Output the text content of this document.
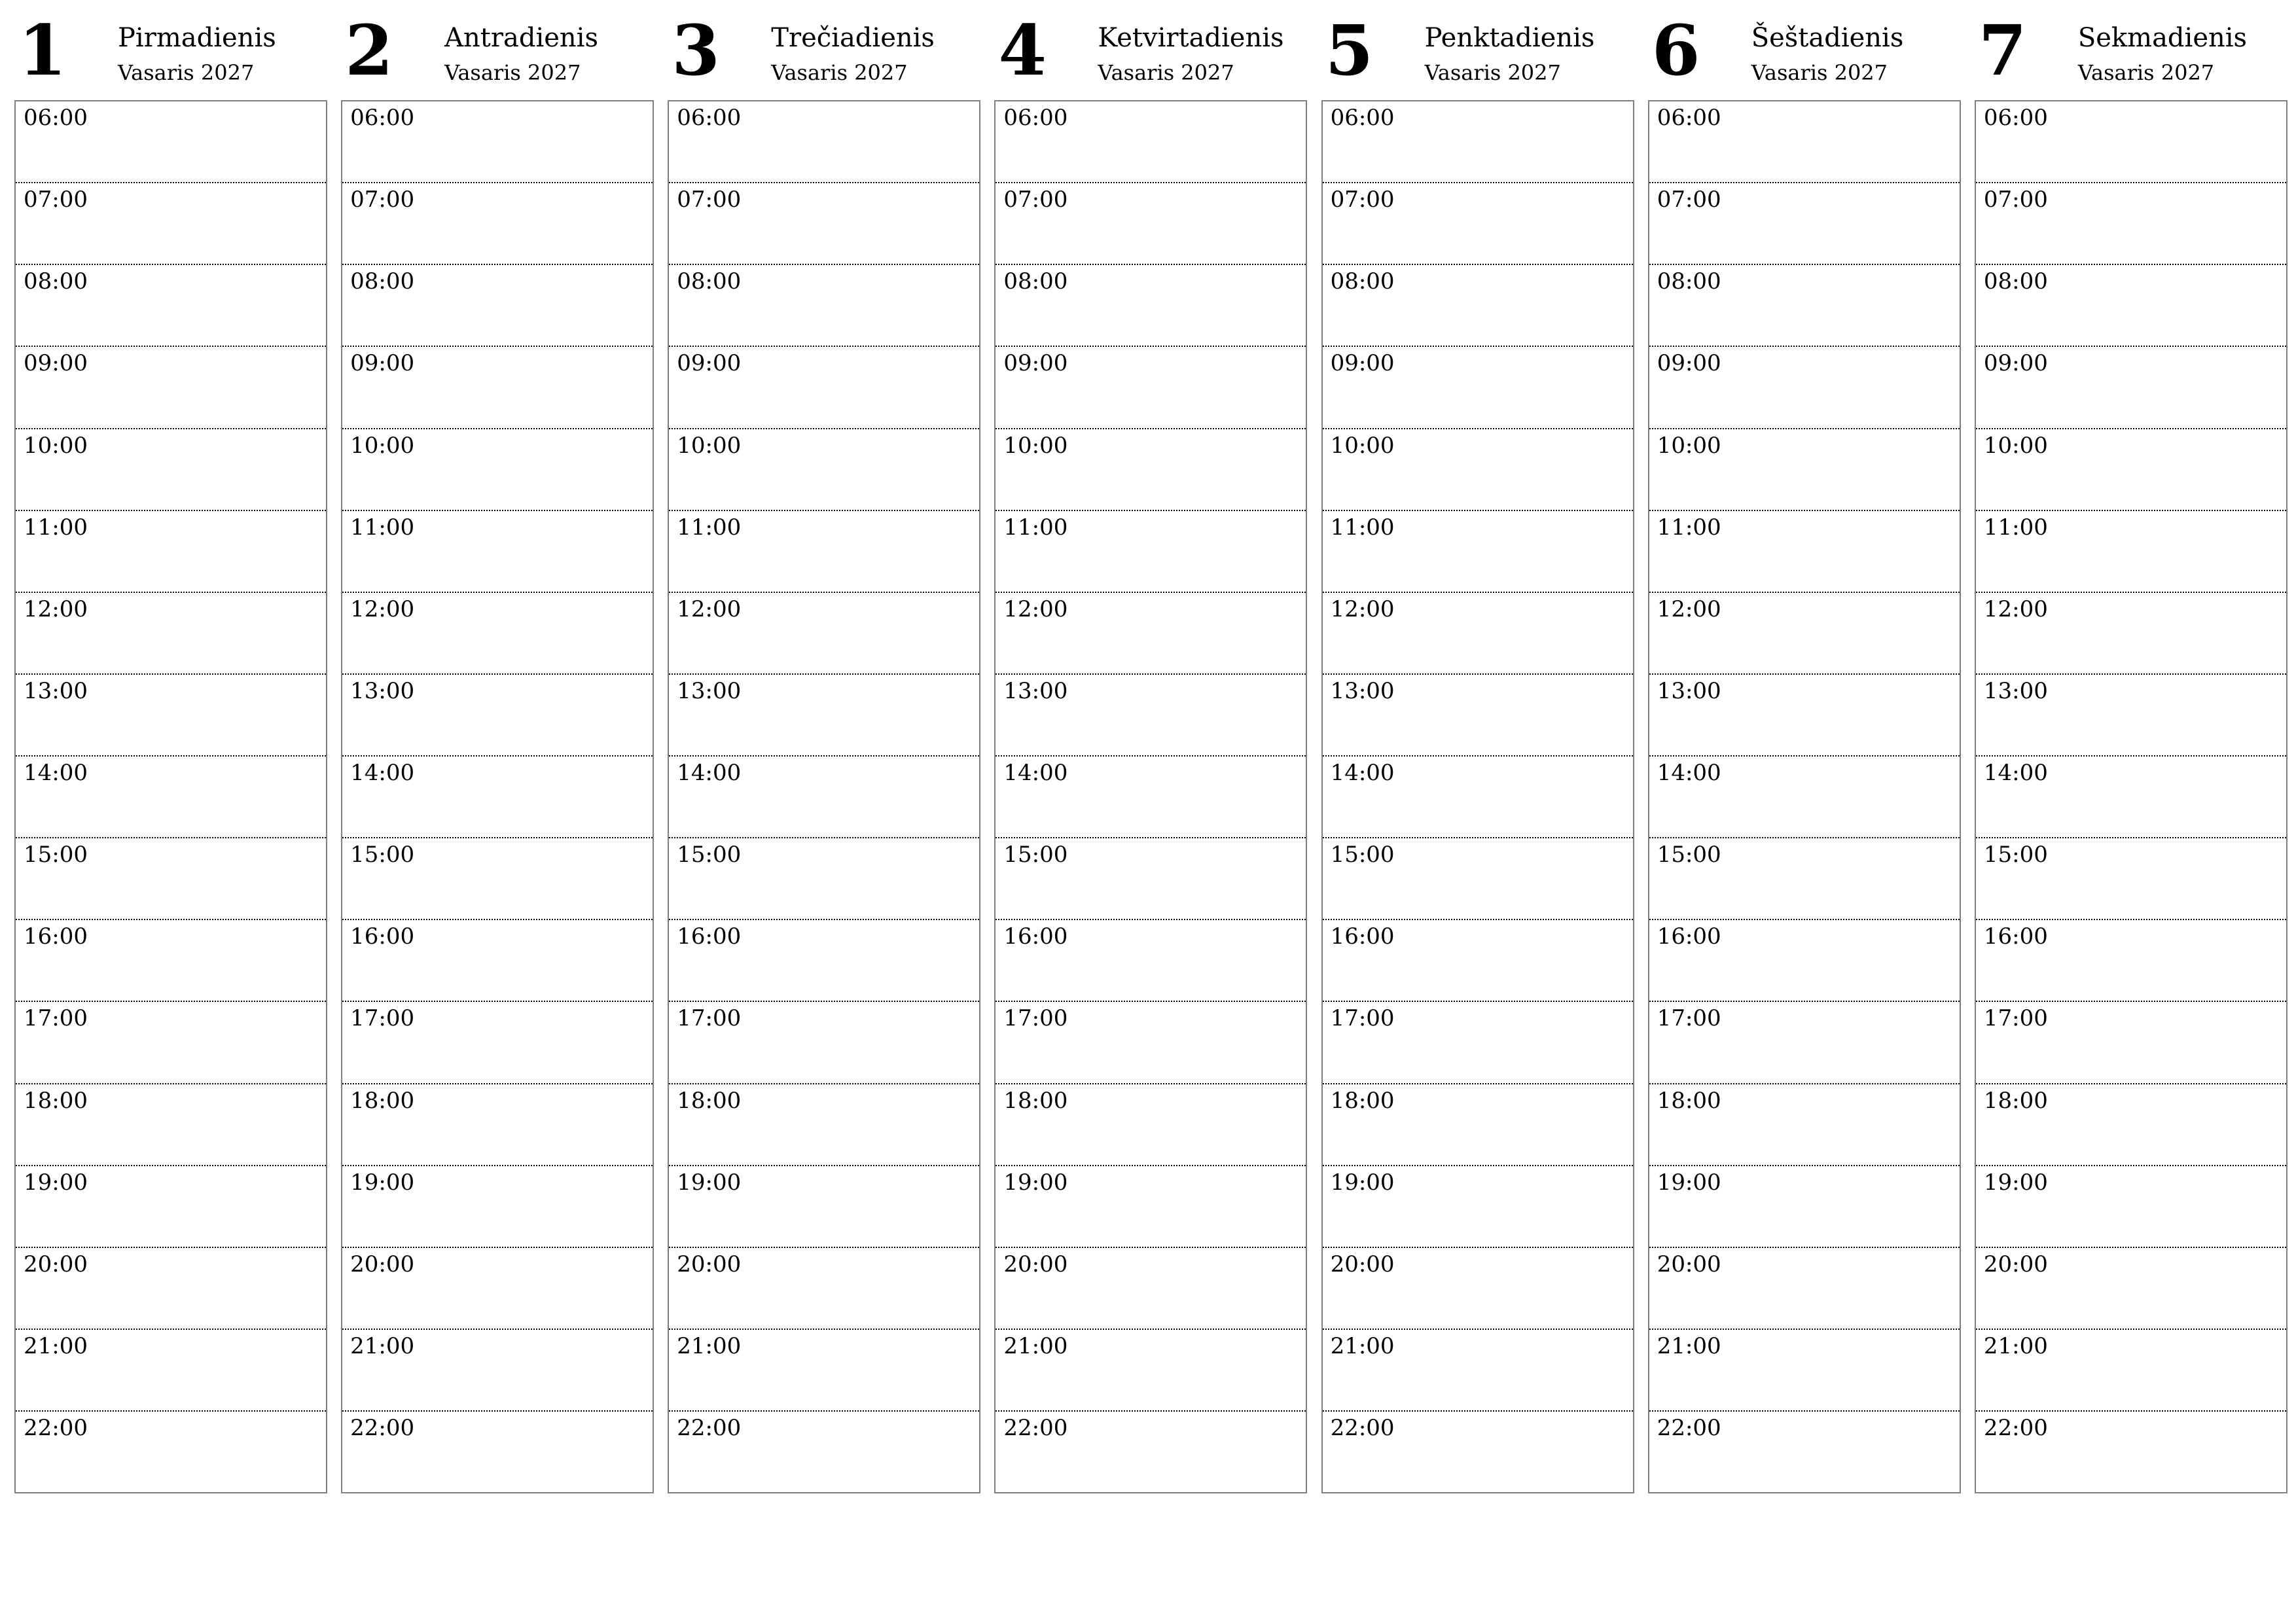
1 Pirmadienis
Vasaris 2027
06:00
07:00
08:00
09:00
10:00
11:00
12:00
13:00
14:00
15:00
16:00
17:00
18:00
19:00
20:00
21:00
22:00
2 Antradienis
Vasaris 2027
06:00
07:00
08:00
09:00
10:00
11:00
12:00
13:00
14:00
15:00
16:00
17:00
18:00
19:00
20:00
21:00
22:00
3 Trečiadienis
Vasaris 2027
06:00
07:00
08:00
09:00
10:00
11:00
12:00
13:00
14:00
15:00
16:00
17:00
18:00
19:00
20:00
21:00
22:00
4 Ketvirtadienis
Vasaris 2027
06:00
07:00
08:00
09:00
10:00
11:00
12:00
13:00
14:00
15:00
16:00
17:00
18:00
19:00
20:00
21:00
22:00
5 Penktadienis
Vasaris 2027
06:00
07:00
08:00
09:00
10:00
11:00
12:00
13:00
14:00
15:00
16:00
17:00
18:00
19:00
20:00
21:00
22:00
6 Šeštadienis
Vasaris 2027
06:00
07:00
08:00
09:00
10:00
11:00
12:00
13:00
14:00
15:00
16:00
17:00
18:00
19:00
20:00
21:00
22:00
7 Sekmadienis
Vasaris 2027
06:00
07:00
08:00
09:00
10:00
11:00
12:00
13:00
14:00
15:00
16:00
17:00
18:00
19:00
20:00
21:00
22:00
